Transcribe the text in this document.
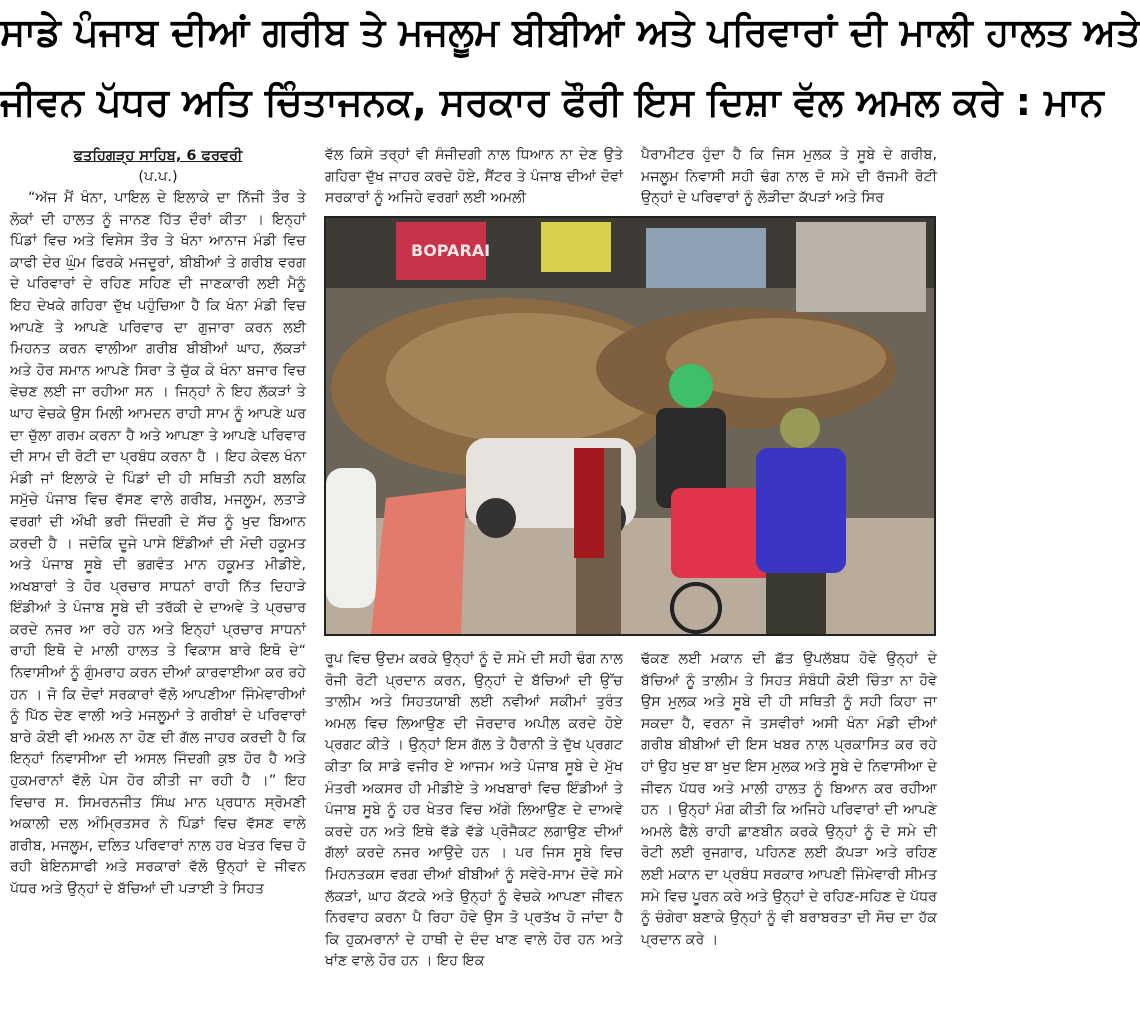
ਸਾਡੇ ਪੰਜਾਬ ਦੀਆਂ ਗਰੀਬ ਤੇ ਮਜਲੂਮ ਬੀਬੀਆਂ ਅਤੇ ਪਰਿਵਾਰਾਂ ਦੀ ਮਾਲੀ ਹਾਲਤ ਅਤੇ
ਜੀਵਨ ਪੱਧਰ ਅਤਿ ਚਿੰਤਾਜਨਕ, ਸਰਕਾਰ ਫੌਰੀ ਇਸ ਦਿਸ਼ਾ ਵੱਲ ਅਮਲ ਕਰੇ : ਮਾਨ
ਫਤਹਿਗੜ੍ਹ ਸਾਹਿਬ, 6 ਫਰਵਰੀ
(ਪ.ਪ.)

“ਅੱਜ ਮੈਂ ਖੰਨਾ, ਪਾਇਲ ਦੇ ਇਲਾਕੇ ਦਾ ਨਿੱਜੀ ਤੌਰ ਤੇ ਲੋਕਾਂ ਦੀ ਹਾਲਤ ਨੂੰ ਜਾਨਣ ਹਿੱਤ ਦੌਰਾਂ ਕੀਤਾ । ਇਨ੍ਹਾਂ ਪਿੰਡਾਂ ਵਿਚ ਅਤੇ ਵਿਸੇਸ ਤੌਰ ਤੇ ਖੰਨਾ ਆਨਾਜ ਮੰਡੀ ਵਿਚ ਕਾਫੀ ਦੇਰ ਘੁੰਮ ਫਿਰਕੇ ਮਜਦੂਰਾਂ, ਬੀਬੀਆਂ ਤੇ ਗਰੀਬ ਵਰਗ ਦੇ ਪਰਿਵਾਰਾਂ ਦੇ ਰਹਿਣ ਸਹਿਣ ਦੀ ਜਾਣਕਾਰੀ ਲਈ ਮੈਨੂੰ ਇਹ ਦੇਖਕੇ ਗਹਿਰਾ ਦੁੱਖ ਪਹੁੰਚਿਆ ਹੈ ਕਿ ਖੰਨਾ ਮੰਡੀ ਵਿਚ ਆਪਣੇ ਤੇ ਆਪਣੇ ਪਰਿਵਾਰ ਦਾ ਗੁਜਾਰਾ ਕਰਨ ਲਈ ਮਿਹਨਤ ਕਰਨ ਵਾਲੀਆ ਗਰੀਬ ਬੀਬੀਆਂ ਘਾਹ, ਲੱਕੜਾਂ ਅਤੇ ਹੋਰ ਸਮਾਨ ਆਪਣੇ ਸਿਰਾ ਤੇ ਚੁੱਕ ਕੇ ਖੰਨਾ ਬਜਾਰ ਵਿਚ ਵੇਚਣ ਲਈ ਜਾ ਰਹੀਆ ਸਨ । ਜਿਨ੍ਹਾਂ ਨੇ ਇਹ ਲੱਕੜਾਂ ਤੇ ਘਾਹ ਵੇਚਕੇ ਉਸ ਮਿਲੀ ਆਮਦਨ ਰਾਹੀ ਸਾਮ ਨੂੰ ਆਪਣੇ ਘਰ ਦਾ ਚੁੱਲਾ ਗਰਮ ਕਰਨਾ ਹੈ ਅਤੇ ਆਪਣਾ ਤੇ ਆਪਣੇ ਪਰਿਵਾਰ ਦੀ ਸਾਮ ਦੀ ਰੋਟੀ ਦਾ ਪ੍ਰਬੰਧ ਕਰਨਾ ਹੈ । ਇਹ ਕੇਵਲ ਖੰਨਾ ਮੰਡੀ ਜਾਂ ਇਲਾਕੇ ਦੇ ਪਿੰਡਾਂ ਦੀ ਹੀ ਸਥਿਤੀ ਨਹੀ ਬਲਕਿ ਸਮੁੱਚੇ ਪੰਜਾਬ ਵਿਚ ਵੱਸਣ ਵਾਲੇ ਗਰੀਬ, ਮਜਲੂਮ, ਲਤਾੜੇ ਵਰਗਾਂ ਦੀ ਔਖੀ ਭਰੀ ਜਿੰਦਗੀ ਦੇ ਸੱਚ ਨੂੰ ਖੁਦ ਬਿਆਨ ਕਰਦੀ ਹੈ । ਜਦੋਕਿ ਦੂਜੇ ਪਾਸੇ ਇੰਡੀਆਂ ਦੀ ਮੋਦੀ ਹਕੂਮਤ ਅਤੇ ਪੰਜਾਬ ਸੂਬੇ ਦੀ ਭਗਵੰਤ ਮਾਨ ਹਕੂਮਤ ਮੀਡੀਏ, ਅਖਬਾਰਾਂ ਤੇ ਹੋਰ ਪ੍ਰਚਾਰ ਸਾਧਨਾਂ ਰਾਹੀ ਨਿੱਤ ਦਿਹਾੜੇ ਇੰਡੀਆਂ ਤੇ ਪੰਜਾਬ ਸੂਬੇ ਦੀ ਤਰੱਕੀ ਦੇ ਦਾਅਵੇ ਤੇ ਪ੍ਰਚਾਰ ਕਰਦੇ ਨਜਰ ਆ ਰਹੇ ਹਨ ਅਤੇ ਇਨ੍ਹਾਂ ਪ੍ਰਚਾਰ ਸਾਧਨਾਂ ਰਾਹੀ ਇਥੋ ਦੇ ਮਾਲੀ ਹਾਲਤ ਤੇ ਵਿਕਾਸ ਬਾਰੇ ਇਥੋ ਦੇ“ ਨਿਵਾਸੀਆਂ ਨੂੰ ਗੁੰਮਰਾਹ ਕਰਨ ਦੀਆਂ ਕਾਰਵਾਈਆ ਕਰ ਰਹੇ ਹਨ । ਜੋ ਕਿ ਦੋਵਾਂ ਸਰਕਾਰਾਂ ਵੱਲੋ ਆਪਣੀਆ ਜਿੰਮੇਵਾਰੀਆਂ ਨੂੰ ਪਿੱਠ ਦੇਣ ਵਾਲੀ ਅਤੇ ਮਜਲੂਮਾਂ ਤੇ ਗਰੀਬਾਂ ਦੇ ਪਰਿਵਾਰਾਂ ਬਾਰੇ ਕੋਈ ਵੀ ਅਮਲ ਨਾ ਹੋਣ ਦੀ ਗੱਲ ਜਾਹਰ ਕਰਦੀ ਹੈ ਕਿ ਇਨ੍ਹਾਂ ਨਿਵਾਸੀਆ ਦੀ ਅਸਲ ਜਿੰਦਗੀ ਕੁਝ ਹੋਰ ਹੈ ਅਤੇ ਹੁਕਮਰਾਨਾਂ ਵੱਲੋ ਪੇਸ ਹੋਰ ਕੀਤੀ ਜਾ ਰਹੀ ਹੈ ।” ਇਹ ਵਿਚਾਰ ਸ. ਸਿਮਰਨਜੀਤ ਸਿੰਘ ਮਾਨ ਪ੍ਰਧਾਨ ਸ੍ਰੋਮਣੀ ਅਕਾਲੀ ਦਲ ਅੰਮ੍ਰਿਤਸਰ ਨੇ ਪਿੰਡਾਂ ਵਿਚ ਵੱਸਣ ਵਾਲੇ ਗਰੀਬ, ਮਜਲੂਮ, ਦਲਿਤ ਪਰਿਵਾਰਾਂ ਨਾਲ ਹਰ ਖੇਤਰ ਵਿਚ ਹੋ ਰਹੀ ਬੇਇਨਸਾਫੀ ਅਤੇ ਸਰਕਾਰਾਂ ਵੱਲੋ ਉਨ੍ਹਾਂ ਦੇ ਜੀਵਨ ਪੱਧਰ ਅਤੇ ਉਨ੍ਹਾਂ ਦੇ ਬੱਚਿਆਂ ਦੀ ਪੜਾਈ ਤੇ ਸਿਹਤ

ਵੱਲ ਕਿਸੇ ਤਰ੍ਹਾਂ ਵੀ ਸੰਜੀਦਗੀ ਨਾਲ ਧਿਆਨ ਨਾ ਦੇਣ ਉਤੇ ਗਹਿਰਾ ਦੁੱਖ ਜਾਹਰ ਕਰਦੇ ਹੋਏ, ਸੈਂਟਰ ਤੇ ਪੰਜਾਬ ਦੀਆਂ ਦੋਵਾਂ ਸਰਕਾਰਾਂ ਨੂੰ ਅਜਿਹੇ ਵਰਗਾਂ ਲਈ ਅਮਲੀ

ਪੈਰਾਮੀਟਰ ਹੁੰਦਾ ਹੈ ਕਿ ਜਿਸ ਮੁਲਕ ਤੇ ਸੂਬੇ ਦੇ ਗਰੀਬ, ਮਜਲੂਮ ਨਿਵਾਸੀ ਸਹੀ ਢੰਗ ਨਾਲ ਦੋ ਸਮੇ ਦੀ ਰੱਜਮੀ ਰੋਟੀ ਉਨ੍ਹਾਂ ਦੇ ਪਰਿਵਾਰਾਂ ਨੂੰ ਲੋੜੀਦਾ ਕੱਪੜਾਂ ਅਤੇ ਸਿਰ

BOPARAI

ਰੂਪ ਵਿਚ ਉਦਮ ਕਰਕੇ ਉਨ੍ਹਾਂ ਨੂੰ ਦੋ ਸਮੇ ਦੀ ਸਹੀ ਢੰਗ ਨਾਲ ਰੋਜੀ ਰੋਟੀ ਪ੍ਰਦਾਨ ਕਰਨ, ਉਨ੍ਹਾਂ ਦੇ ਬੱਚਿਆਂ ਦੀ ਉੱਚ ਤਾਲੀਮ ਅਤੇ ਸਿਹਤਯਾਬੀ ਲਈ ਨਵੀਆਂ ਸਕੀਮਾਂ ਤੁਰੰਤ ਅਮਲ ਵਿਚ ਲਿਆਉਣ ਦੀ ਜੋਰਦਾਰ ਅਪੀਲ ਕਰਦੇ ਹੋਏ ਪ੍ਰਗਟ ਕੀਤੇ । ਉਨ੍ਹਾਂ ਇਸ ਗੱਲ ਤੇ ਹੈਰਾਨੀ ਤੇ ਦੁੱਖ ਪ੍ਰਗਟ ਕੀਤਾ ਕਿ ਸਾਡੇ ਵਜੀਰ ਏ ਆਜਮ ਅਤੇ ਪੰਜਾਬ ਸੂਬੇ ਦੇ ਮੁੱਖ ਮੰਤਰੀ ਅਕਸਰ ਹੀ ਮੀਡੀਏ ਤੇ ਅਖਬਾਰਾਂ ਵਿਚ ਇੰਡੀਆਂ ਤੇ ਪੰਜਾਬ ਸੂਬੇ ਨੂੰ ਹਰ ਖੇਤਰ ਵਿਚ ਅੱਗੇ ਲਿਆਉਣ ਦੇ ਦਾਅਵੇ ਕਰਦੇ ਹਨ ਅਤੇ ਇਥੇ ਵੱਡੇ ਵੱਡੇ ਪ੍ਰੋਜੈਕਟ ਲਗਾਉਣ ਦੀਆਂ ਗੱਲਾਂ ਕਰਦੇ ਨਜਰ ਆਉਦੇ ਹਨ । ਪਰ ਜਿਸ ਸੂਬੇ ਵਿਚ ਮਿਹਨਤਕਸ ਵਰਗ ਦੀਆਂ ਬੀਬੀਆਂ ਨੂੰ ਸਵੇਰੇ-ਸਾਮ ਦੋਵੇ ਸਮੇ ਲੱਕੜਾਂ, ਘਾਹ ਕੱਟਕੇ ਅਤੇ ਉਨ੍ਹਾਂ ਨੂੰ ਵੇਚਕੇ ਆਪਣਾ ਜੀਵਨ ਨਿਰਵਾਹ ਕਰਨਾ ਪੈ ਰਿਹਾ ਹੋਵੇ ਉਸ ਤੋ ਪ੍ਰਤੱਖ ਹੋ ਜਾਂਦਾ ਹੈ ਕਿ ਹੁਕਮਰਾਨਾਂ ਦੇ ਹਾਥੀ ਦੇ ਦੰਦ ਖਾਣ ਵਾਲੇ ਹੋਰ ਹਨ ਅਤੇ ਖਾਂਣ ਵਾਲੇ ਹੋਰ ਹਨ । ਇਹ ਇਕ

ਢੱਕਣ ਲਈ ਮਕਾਨ ਦੀ ਛੱਤ ਉਪਲੱਬਧ ਹੋਵੇ ਉਨ੍ਹਾਂ ਦੇ ਬੱਚਿਆਂ ਨੂੰ ਤਾਲੀਮ ਤੇ ਸਿਹਤ ਸੰਬੰਧੀ ਕੋਈ ਚਿੰਤਾ ਨਾ ਹੋਵੇ ਉਸ ਮੁਲਕ ਅਤੇ ਸੂਬੇ ਦੀ ਹੀ ਸਥਿਤੀ ਨੂੰ ਸਹੀ ਕਿਹਾ ਜਾ ਸਕਦਾ ਹੈ, ਵਰਨਾ ਜੋ ਤਸਵੀਰਾਂ ਅਸੀ ਖੰਨਾ ਮੰਡੀ ਦੀਆਂ ਗਰੀਬ ਬੀਬੀਆਂ ਦੀ ਇਸ ਖਬਰ ਨਾਲ ਪ੍ਰਕਾਸਿਤ ਕਰ ਰਹੇ ਹਾਂ ਉਹ ਖੁਦ ਬਾ ਖੁਦ ਇਸ ਮੁਲਕ ਅਤੇ ਸੂਬੇ ਦੇ ਨਿਵਾਸੀਆ ਦੇ ਜੀਵਨ ਪੱਧਰ ਅਤੇ ਮਾਲੀ ਹਾਲਤ ਨੂੰ ਬਿਆਨ ਕਰ ਰਹੀਆ ਹਨ । ਉਨ੍ਹਾਂ ਮੰਗ ਕੀਤੀ ਕਿ ਅਜਿਹੇ ਪਰਿਵਾਰਾਂ ਦੀ ਆਪਣੇ ਅਮਲੇ ਫੈਲੇ ਰਾਹੀ ਛਾਣਬੀਨ ਕਰਕੇ ਉਨ੍ਹਾਂ ਨੂੰ ਦੋ ਸਮੇ ਦੀ ਰੋਟੀ ਲਈ ਰੁਜਗਾਰ, ਪਹਿਨਣ ਲਈ ਕੱਪੜਾ ਅਤੇ ਰਹਿਣ ਲਈ ਮਕਾਨ ਦਾ ਪ੍ਰਬੰਧ ਸਰਕਾਰ ਆਪਣੀ ਜਿੰਮੇਵਾਰੀ ਸੀਮਤ ਸਮੇ ਵਿਚ ਪੂਰਨ ਕਰੇ ਅਤੇ ਉਨ੍ਹਾਂ ਦੇ ਰਹਿਣ-ਸਹਿਣ ਦੇ ਪੱਧਰ ਨੂੰ ਚੰਗੇਰਾ ਬਣਾਕੇ ਉਨ੍ਹਾਂ ਨੂੰ ਵੀ ਬਰਾਬਰਤਾ ਦੀ ਸੋਚ ਦਾ ਹੱਕ ਪ੍ਰਦਾਨ ਕਰੇ ।
